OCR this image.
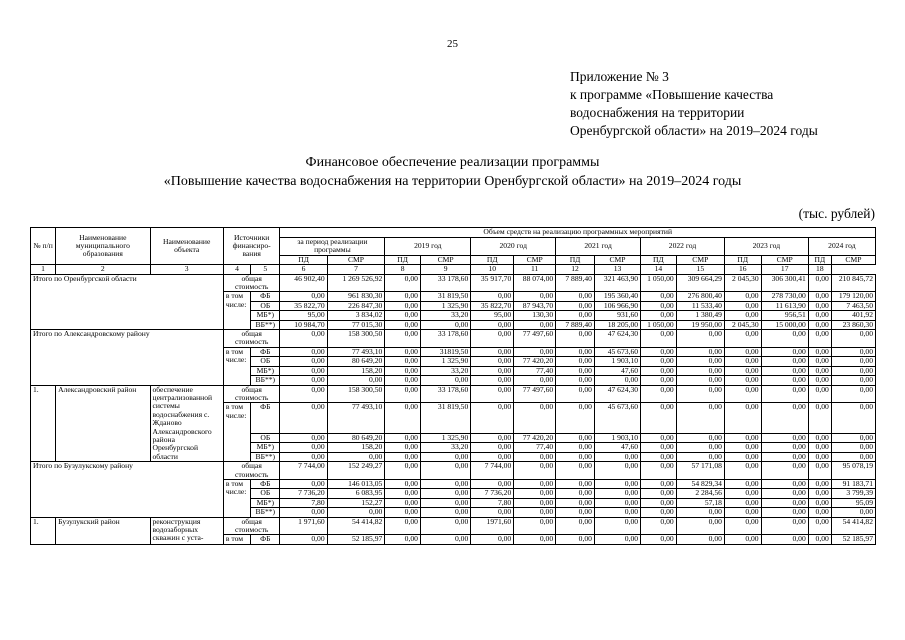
25
Приложение № 3
к программе «Повышение качества
водоснабжения на территории
Оренбургской области» на 2019–2024 годы
Финансовое обеспечение реализации программы
«Повышение качества водоснабжения на территории Оренбургской области» на 2019–2024 годы
(тыс. рублей)
№ п/п	Наименование муниципального образования	Наименование объекта	Источники финансиро-вания		Объем средств на реализацию программных мероприятий													
					за период реализации программы		2019 год		2020 год		2021 год		2022 год		2023 год		2024 год	
					ПД	СМР	ПД	СМР	ПД	СМР	ПД	СМР	ПД	СМР	ПД	СМР	ПД	СМР
1	2	3	4	5	6	7	8	9	10	11	12	13	14	15	16	17	18	
Итого по Оренбургской области			общая стоимость		46 902,40	1 269 526,92	0,00	33 178,60	35 917,70	88 074,00	7 889,40	321 463,90	1 050,00	309 664,29	2 045,30	306 300,41	0,00	210 845,72
			в том числе:	ФБ	0,00	961 830,30	0,00	31 819,50	0,00	0,00	0,00	195 360,40	0,00	276 800,40	0,00	278 730,00	0,00	179 120,00
				ОБ	35 822,70	226 847,30	0,00	1 325,90	35 822,70	87 943,70	0,00	106 966,90	0,00	11 533,40	0,00	11 613,90	0,00	7 463,50
				МБ*)	95,00	3 834,02	0,00	33,20	95,00	130,30	0,00	931,60	0,00	1 380,49	0,00	956,51	0,00	401,92
				ВБ**)	10 984,70	77 015,30	0,00	0,00	0,00	0,00	7 889,40	18 205,00	1 050,00	19 950,00	2 045,30	15 000,00	0,00	23 860,30
Итого по Александровскому району			общая стоимость		0,00	158 300,50	0,00	33 178,60	0,00	77 497,60	0,00	47 624,30	0,00	0,00	0,00	0,00	0,00	0,00
			в том числе:	ФБ	0,00	77 493,10	0,00	31819,50	0,00	0,00	0,00	45 673,60	0,00	0,00	0,00	0,00	0,00	0,00
				ОБ	0,00	80 649,20	0,00	1 325,90	0,00	77 420,20	0,00	1 903,10	0,00	0,00	0,00	0,00	0,00	0,00
				МБ*)	0,00	158,20	0,00	33,20	0,00	77,40	0,00	47,60	0,00	0,00	0,00	0,00	0,00	0,00
				ВБ**)	0,00	0,00	0,00	0,00	0,00	0,00	0,00	0,00	0,00	0,00	0,00	0,00	0,00	0,00
1.	Александровский район	обеспечение централизованной системы водоснабжения с. Жданово Александровского района Оренбургской области	общая стоимость		0,00	158 300,50	0,00	33 178,60	0,00	77 497,60	0,00	47 624,30	0,00	0,00	0,00	0,00	0,00	0,00
			в том числе:	ФБ	0,00	77 493,10	0,00	31 819,50	0,00	0,00	0,00	45 673,60	0,00	0,00	0,00	0,00	0,00	0,00
				ОБ	0,00	80 649,20	0,00	1 325,90	0,00	77 420,20	0,00	1 903,10	0,00	0,00	0,00	0,00	0,00	0,00
				МБ*)	0,00	158,20	0,00	33,20	0,00	77,40	0,00	47,60	0,00	0,00	0,00	0,00	0,00	0,00
				ВБ**)	0,00	0,00	0,00	0,00	0,00	0,00	0,00	0,00	0,00	0,00	0,00	0,00	0,00	0,00
Итого по Бузулукскому району			общая стоимость		7 744,00	152 249,27	0,00	0,00	7 744,00	0,00	0,00	0,00	0,00	57 171,08	0,00	0,00	0,00	95 078,19
			в том числе:	ФБ	0,00	146 013,05	0,00	0,00	0,00	0,00	0,00	0,00	0,00	54 829,34	0,00	0,00	0,00	91 183,71
				ОБ	7 736,20	6 083,95	0,00	0,00	7 736,20	0,00	0,00	0,00	0,00	2 284,56	0,00	0,00	0,00	3 799,39
				МБ*)	7,80	152,27	0,00	0,00	7,80	0,00	0,00	0,00	0,00	57,18	0,00	0,00	0,00	95,09
				ВБ**)	0,00	0,00	0,00	0,00	0,00	0,00	0,00	0,00	0,00	0,00	0,00	0,00	0,00	0,00
1.	Бузулукский район	реконструкция водозаборных скважин с уста-	общая стоимость		1 971,60	54 414,82	0,00	0,00	1971,60	0,00	0,00	0,00	0,00	0,00	0,00	0,00	0,00	54 414,82
			в том	ФБ	0,00	52 185,97	0,00	0,00	0,00	0,00	0,00	0,00	0,00	0,00	0,00	0,00	0,00	52 185,97
